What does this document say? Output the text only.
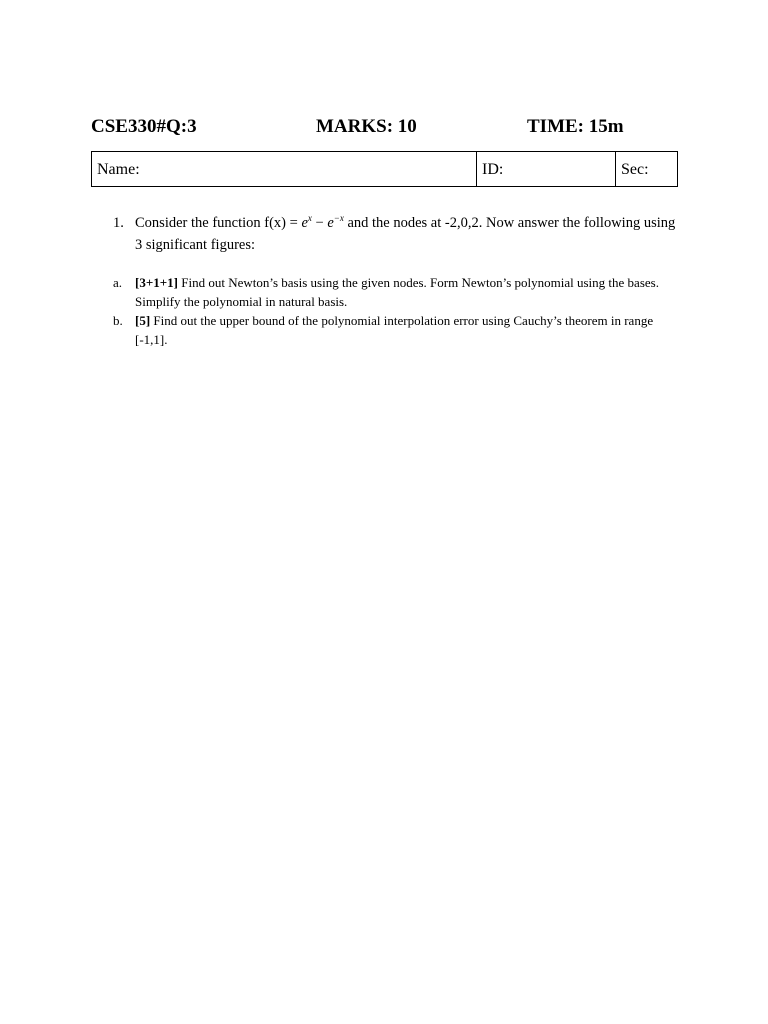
CSE330#Q:3	MARKS: 10	TIME: 15m
Name:	ID:	Sec:
1. Consider the function $f(x) = e^x - e^{-x}$ and the nodes at -2,0,2. Now answer the following using 3 significant figures:
a. [3+1+1] Find out Newton’s basis using the given nodes. Form Newton’s polynomial using the bases. Simplify the polynomial in natural basis.
b. [5] Find out the upper bound of the polynomial interpolation error using Cauchy’s theorem in range [-1,1].
